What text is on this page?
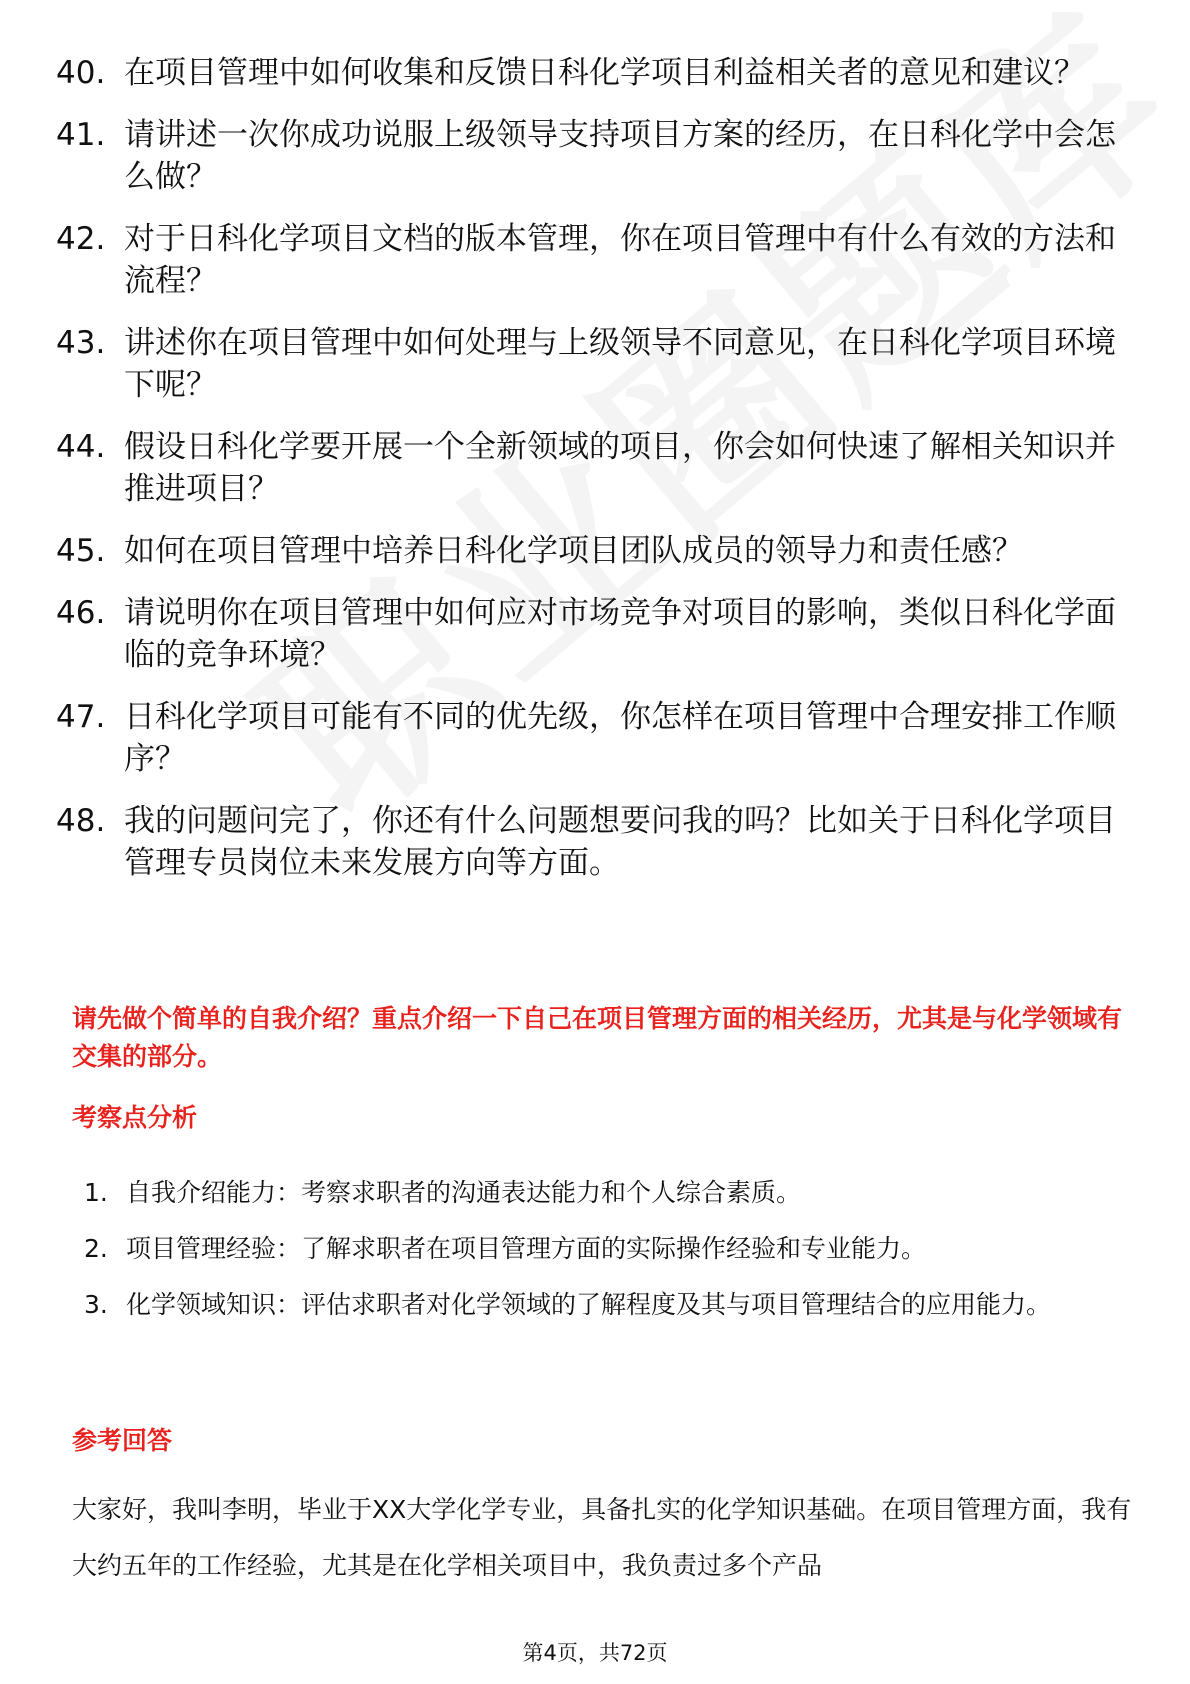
40. 在项目管理中如何收集和反馈日科化学项目利益相关者的意见和建议？
41. 请讲述一次你成功说服上级领导支持项目方案的经历，在日科化学中会怎么做？
42. 对于日科化学项目文档的版本管理，你在项目管理中有什么有效的方法和流程？
43. 讲述你在项目管理中如何处理与上级领导不同意见，在日科化学项目环境下呢？
44. 假设日科化学要开展一个全新领域的项目，你会如何快速了解相关知识并推进项目？
45. 如何在项目管理中培养日科化学项目团队成员的领导力和责任感？
46. 请说明你在项目管理中如何应对市场竞争对项目的影响，类似日科化学面临的竞争环境？
47. 日科化学项目可能有不同的优先级，你怎样在项目管理中合理安排工作顺序？
48. 我的问题问完了，你还有什么问题想要问我的吗？比如关于日科化学项目管理专员岗位未来发展方向等方面。
请先做个简单的自我介绍？重点介绍一下自己在项目管理方面的相关经历，尤其是与化学领域有交集的部分。
考察点分析
1. 自我介绍能力：考察求职者的沟通表达能力和个人综合素质。
2. 项目管理经验：了解求职者在项目管理方面的实际操作经验和专业能力。
3. 化学领域知识：评估求职者对化学领域的了解程度及其与项目管理结合的应用能力。
参考回答
大家好，我叫李明，毕业于XX大学化学专业，具备扎实的化学知识基础。在项目管理方面，我有大约五年的工作经验，尤其是在化学相关项目中，我负责过多个产品
第4页，共72页
